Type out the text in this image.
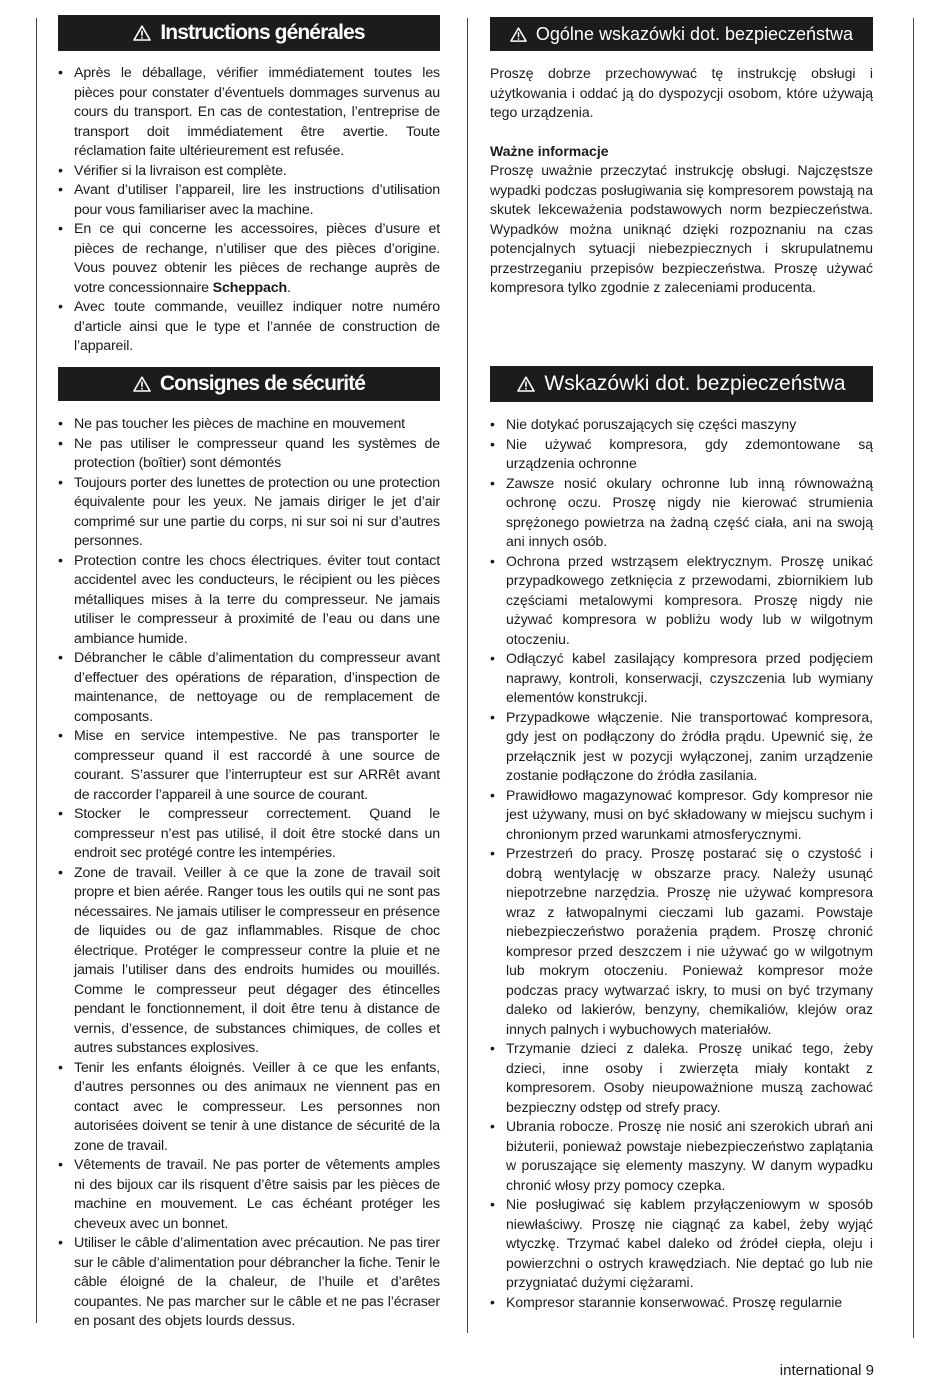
Instructions générales
• Après le déballage, vérifier immédiatement toutes les pièces pour constater d’éventuels dommages survenus au cours du transport. En cas de contestation, l’entreprise de transport doit immédiatement être avertie. Toute réclamation faite ultérieurement est refusée.
• Vérifier si la livraison est complète.
• Avant d’utiliser l’appareil, lire les instructions d’utilisation pour vous familiariser avec la machine.
• En ce qui concerne les accessoires, pièces d’usure et pièces de rechange, n’utiliser que des pièces d’origine. Vous pouvez obtenir les pièces de rechange auprès de votre concessionnaire Scheppach.
• Avec toute commande, veuillez indiquer notre numéro d’article ainsi que le type et l’année de construction de l’appareil.
Consignes de sécurité
• Ne pas toucher les pièces de machine en mouvement
• Ne pas utiliser le compresseur quand les systèmes de protection (boîtier) sont démontés
• Toujours porter des lunettes de protection ou une protection équivalente pour les yeux. Ne jamais diriger le jet d’air comprimé sur une partie du corps, ni sur soi ni sur d’autres personnes.
• Protection contre les chocs électriques. éviter tout contact accidentel avec les conducteurs, le récipient ou les pièces métalliques mises à la terre du compresseur. Ne jamais utiliser le compresseur à proximité de l’eau ou dans une ambiance humide.
• Débrancher le câble d’alimentation du compresseur avant d’effectuer des opérations de réparation, d’inspection de maintenance, de nettoyage ou de remplacement de composants.
• Mise en service intempestive. Ne pas transporter le compresseur quand il est raccordé à une source de courant. S’assurer que l’interrupteur est sur ARRêt avant de raccorder l’appareil à une source de courant.
• Stocker le compresseur correctement. Quand le compresseur n’est pas utilisé, il doit être stocké dans un endroit sec protégé contre les intempéries.
• Zone de travail. Veiller à ce que la zone de travail soit propre et bien aérée. Ranger tous les outils qui ne sont pas nécessaires. Ne jamais utiliser le compresseur en présence de liquides ou de gaz inflammables. Risque de choc électrique. Protéger le compresseur contre la pluie et ne jamais l’utiliser dans des endroits humides ou mouillés. Comme le compresseur peut dégager des étincelles pendant le fonctionnement, il doit être tenu à distance de vernis, d’essence, de substances chimiques, de colles et autres substances explosives.
• Tenir les enfants éloignés. Veiller à ce que les enfants, d’autres personnes ou des animaux ne viennent pas en contact avec le compresseur. Les personnes non autorisées doivent se tenir à une distance de sécurité de la zone de travail.
• Vêtements de travail. Ne pas porter de vêtements amples ni des bijoux car ils risquent d’être saisis par les pièces de machine en mouvement. Le cas échéant protéger les cheveux avec un bonnet.
• Utiliser le câble d’alimentation avec précaution. Ne pas tirer sur le câble d’alimentation pour débrancher la fiche. Tenir le câble éloigné de la chaleur, de l’huile et d’arêtes coupantes. Ne pas marcher sur le câble et ne pas l’écraser en posant des objets lourds dessus.
Ogólne wskazówki dot. bezpieczeństwa

Proszę dobrze przechowywać tę instrukcję obsługi i użytkowania i oddać ją do dyspozycji osobom, które używają tego urządzenia.

Ważne informacje

Proszę uważnie przeczytać instrukcję obsługi. Najczęstsze wypadki podczas posługiwania się kompresorem powstają na skutek lekceważenia podstawowych norm bezpieczeństwa. Wypadków można uniknąć dzięki rozpoznaniu na czas potencjalnych sytuacji niebezpiecznych i skrupulatnemu przestrzeganiu przepisów bezpieczeństwa. Proszę używać kompresora tylko zgodnie z zaleceniami producenta.

Wskazówki dot. bezpieczeństwa
• Nie dotykać poruszających się części maszyny
• Nie używać kompresora, gdy zdemontowane są urządzenia ochronne
• Zawsze nosić okulary ochronne lub inną równoważną ochronę oczu. Proszę nigdy nie kierować strumienia sprężonego powietrza na żadną część ciała, ani na swoją ani innych osób.
• Ochrona przed wstrząsem elektrycznym. Proszę unikać przypadkowego zetknięcia z przewodami, zbiornikiem lub częściami metalowymi kompresora. Proszę nigdy nie używać kompresora w pobliżu wody lub w wilgotnym otoczeniu.
• Odłączyć kabel zasilający kompresora przed podjęciem naprawy, kontroli, konserwacji, czyszczenia lub wymiany elementów konstrukcji.
• Przypadkowe włączenie. Nie transportować kompresora, gdy jest on podłączony do źródła prądu. Upewnić się, że przełącznik jest w pozycji wyłączonej, zanim urządzenie zostanie podłączone do źródła zasilania.
• Prawidłowo magazynować kompresor. Gdy kompresor nie jest używany, musi on być składowany w miejscu suchym i chronionym przed warunkami atmosferycznymi.
• Przestrzeń do pracy. Proszę postarać się o czystość i dobrą wentylację w obszarze pracy. Należy usunąć niepotrzebne narzędzia. Proszę nie używać kompresora wraz z łatwopalnymi cieczami lub gazami. Powstaje niebezpieczeństwo porażenia prądem. Proszę chronić kompresor przed deszczem i nie używać go w wilgotnym lub mokrym otoczeniu. Ponieważ kompresor może podczas pracy wytwarzać iskry, to musi on być trzymany daleko od lakierów, benzyny, chemikaliów, klejów oraz innych palnych i wybuchowych materiałów.
• Trzymanie dzieci z daleka. Proszę unikać tego, żeby dzieci, inne osoby i zwierzęta miały kontakt z kompresorem. Osoby nieupoważnione muszą zachować bezpieczny odstęp od strefy pracy.
• Ubrania robocze. Proszę nie nosić ani szerokich ubrań ani biżuterii, ponieważ powstaje niebezpieczeństwo zaplątania w poruszające się elementy maszyny. W danym wypadku chronić włosy przy pomocy czepka.
• Nie posługiwać się kablem przyłączeniowym w sposób niewłaściwy. Proszę nie ciągnąć za kabel, żeby wyjąć wtyczkę. Trzymać kabel daleko od źródeł ciepła, oleju i powierzchni o ostrych krawędziach. Nie deptać go lub nie przygniatać dużymi ciężarami.
• Kompresor starannie konserwować. Proszę regularnie
international 9
